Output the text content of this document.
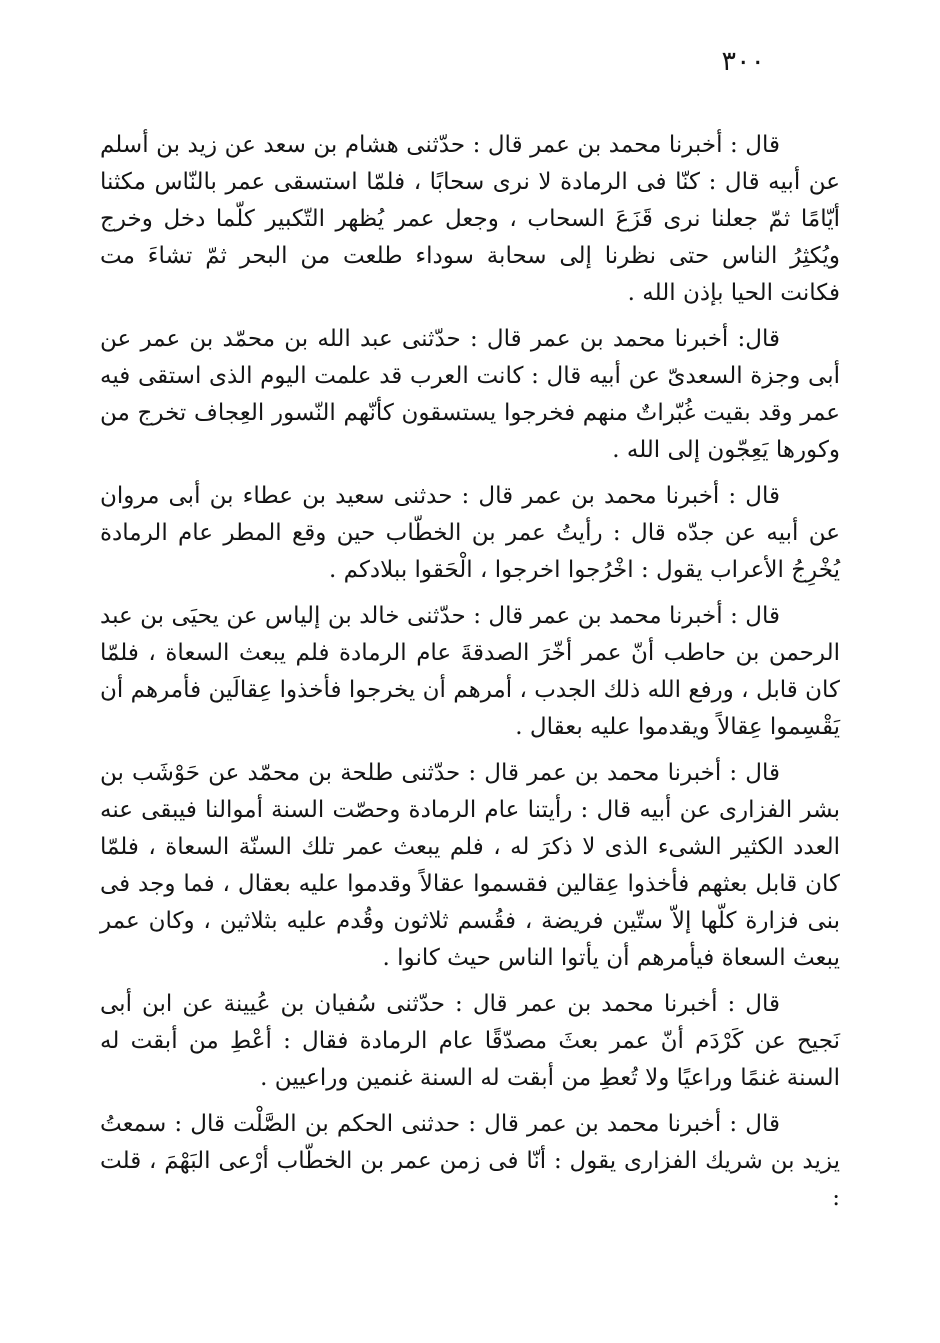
٣٠٠

قال : أخبرنا محمد بن عمر قال : حدّثنى هشام بن سعد عن زيد بن أسلم عن أبيه قال : كنّا فى الرمادة لا نرى سحابًا ، فلمّا استسقى عمر بالنّاس مكثنا أيّامًا ثمّ جعلنا نرى قَزَعَ السحاب ، وجعل عمر يُظهر التّكبير كلّما دخل وخرج ويُكثِرُ الناس حتى نظرنا إلى سحابة سوداء طلعت من البحر ثمّ تشاءَ مت فكانت الحيا بإذن الله .

قال: أخبرنا محمد بن عمر قال : حدّثنى عبد الله بن محمّد بن عمر عن أبى وجزة السعدىّ عن أبيه قال : كانت العرب قد علمت اليوم الذى استقى فيه عمر وقد بقيت غُبّراتٌ منهم فخرجوا يستسقون كأنّهم النّسور العِجاف تخرج من وكورها يَعِجّون إلى الله .

قال : أخبرنا محمد بن عمر قال : حدثنى سعيد بن عطاء بن أبى مروان عن أبيه عن جدّه قال : رأيتُ عمر بن الخطّاب حين وقع المطر عام الرمادة يُخْرِجُ الأعراب يقول : اخْرُجوا اخرجوا ، الْحَقوا ببلادكم .

قال : أخبرنا محمد بن عمر قال : حدّثنى خالد بن إلياس عن يحيَى بن عبد الرحمن بن حاطب أنّ عمر أخّرَ الصدقةَ عام الرمادة فلم يبعث السعاة ، فلمّا كان قابل ، ورفع الله ذلك الجدب ، أمرهم أن يخرجوا فأخذوا عِقالَين فأمرهم أن يَقْسِموا عِقالاً ويقدموا عليه بعقال .

قال : أخبرنا محمد بن عمر قال : حدّثنى طلحة بن محمّد عن حَوْشَب بن بشر الفزارى عن أبيه قال : رأيتنا عام الرمادة وحصّت السنة أموالنا فيبقى عنه العدد الكثير الشىء الذى لا ذكرَ له ، فلم يبعث عمر تلك السنّة السعاة ، فلمّا كان قابل بعثهم فأخذوا عِقالين فقسموا عقالاً وقدموا عليه بعقال ، فما وجد فى بنى فزارة كلّها إلاّ ستّين فريضة ، فقُسم ثلاثون وقُدم عليه بثلاثين ، وكان عمر يبعث السعاة فيأمرهم أن يأتوا الناس حيث كانوا .

قال : أخبرنا محمد بن عمر قال : حدّثنى سُفيان بن عُيينة عن ابن أبى نَجيح عن كَرْدَم أنّ عمر بعثَ مصدّقًا عام الرمادة فقال : أعْطِ من أبقت له السنة غنمًا وراعيًا ولا تُعطِ من أبقت له السنة غنمين وراعيين .

قال : أخبرنا محمد بن عمر قال : حدثنى الحكم بن الصَّلْت قال : سمعتُ يزيد بن شريك الفزارى يقول : أنّا فى زمن عمر بن الخطّاب أرْعى البَهْمَ ، قلت :
